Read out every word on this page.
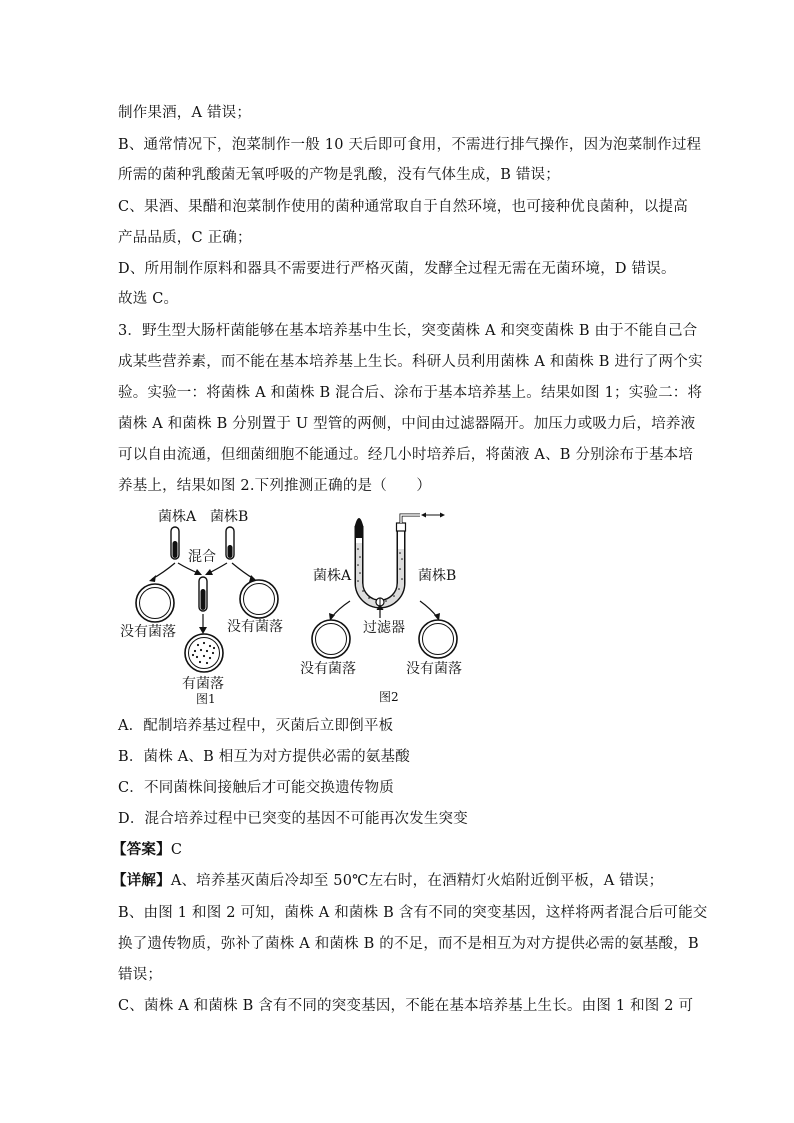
制作果酒，A 错误；
B、通常情况下，泡菜制作一般 10 天后即可食用，不需进行排气操作，因为泡菜制作过程
所需的菌种乳酸菌无氧呼吸的产物是乳酸，没有气体生成，B 错误；
C、果酒、果醋和泡菜制作使用的菌种通常取自于自然环境，也可接种优良菌种，以提高
产品品质，C 正确；
D、所用制作原料和器具不需要进行严格灭菌，发酵全过程无需在无菌环境，D 错误。
故选 C。
3．野生型大肠杆菌能够在基本培养基中生长，突变菌株 A 和突变菌株 B 由于不能自己合
成某些营养素，而不能在基本培养基上生长。科研人员利用菌株 A 和菌株 B 进行了两个实
验。实验一：将菌株 A 和菌株 B 混合后、涂布于基本培养基上。结果如图 1；实验二：将
菌株 A 和菌株 B 分别置于 U 型管的两侧，中间由过滤器隔开。加压力或吸力后，培养液
可以自由流通，但细菌细胞不能通过。经几小时培养后，将菌液 A、B 分别涂布于基本培
养基上，结果如图 2.下列推测正确的是（　　）
菌株A 菌株B
混合
没有菌落	没有菌落
有菌落
图1
菌株A	菌株B
过滤器
没有菌落	没有菌落
图2
A．配制培养基过程中，灭菌后立即倒平板
B．菌株 A、B 相互为对方提供必需的氨基酸
C．不同菌株间接触后才可能交换遗传物质
D．混合培养过程中已突变的基因不可能再次发生突变
【答案】C
【详解】A、培养基灭菌后冷却至 50℃左右时，在酒精灯火焰附近倒平板，A 错误；
B、由图 1 和图 2 可知，菌株 A 和菌株 B 含有不同的突变基因，这样将两者混合后可能交
换了遗传物质，弥补了菌株 A 和菌株 B 的不足，而不是相互为对方提供必需的氨基酸，B
错误；
C、菌株 A 和菌株 B 含有不同的突变基因，不能在基本培养基上生长。由图 1 和图 2 可
